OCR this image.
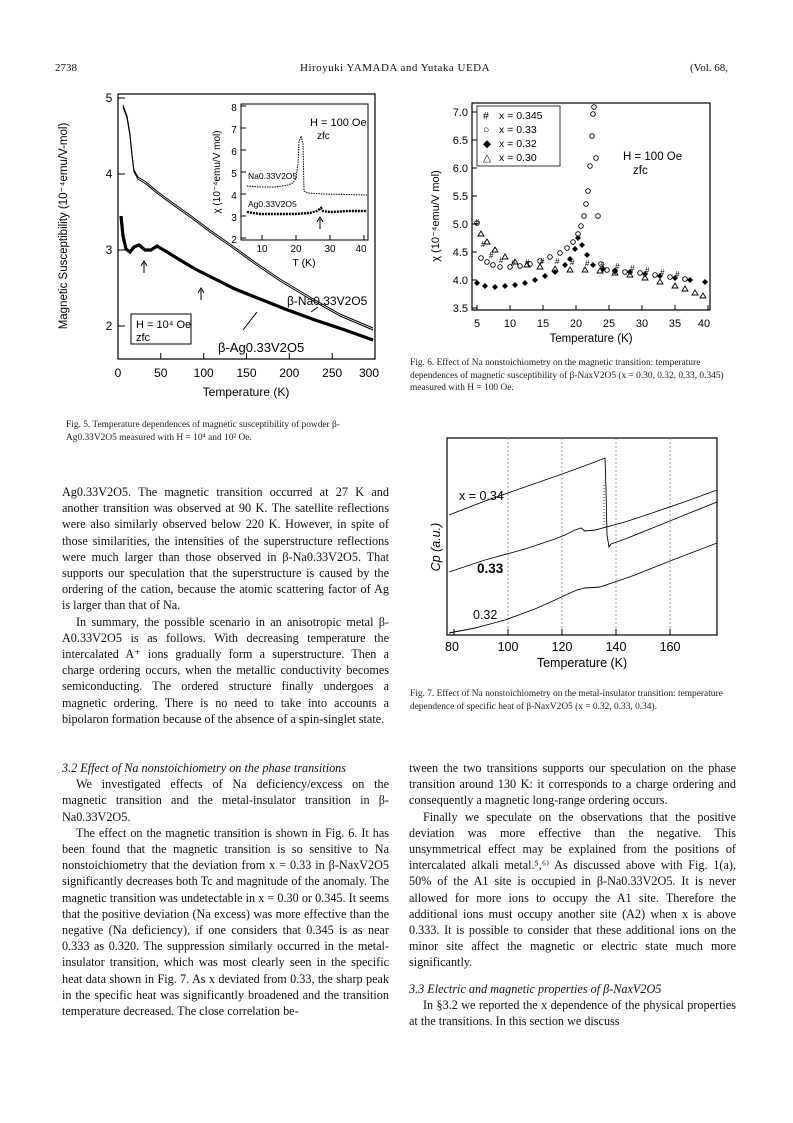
2738	Hiroyuki YAMADA and Yutaka UEDA	(Vol. 68,
0	50 100 150 200 250 300
2
3
4
5
Temperature (K)
Magnetic Susceptibility (10⁻⁴emu/V-mol)	β-Na0.33V2O5
β-Ag0.33V2O5
H = 10⁴ Oe
zfc
2
3
4
5
6
7
8
10 20 30 40
T (K)
χ (10⁻⁴emu/V mol)	Na0.33V2O5
Ag0.33V2O5
H = 100 Oe
zfc
Fig. 5. Temperature dependences of magnetic susceptibility of powder β-Ag0.33V2O5 measured with H = 10⁴ and 10² Oe.
5 10 15 20 25 30 35 40
3.5
4.0
4.5
5.0
5.5
6.0
6.5
7.0
Temperature (K)
χ (10⁻⁴emu/V mol)	#
#
#
# # # # # # # # # # # # #
# x = 0.345
○ x = 0.33
◆ x = 0.32
△ x = 0.30	H = 100 Oe
zfc
Fig. 6. Effect of Na nonstoichiometry on the magnetic transition: temperature dependences of magnetic susceptibility of β-NaxV2O5 (x = 0.30, 0.32, 0.33, 0.345) measured with H = 100 Oe.
80	100	120	140	160
Temperature (K)
Cp (a.u.)
x = 0.34
0.33
0.32
Fig. 7. Effect of Na nonstoichiometry on the metal-insulator transition: temperature dependence of specific heat of β-NaxV2O5 (x = 0.32, 0.33, 0.34).

Ag0.33V2O5. The magnetic transition occurred at 27 K and another transition was observed at 90 K. The satellite reflections were also similarly observed below 220 K. However, in spite of those similarities, the intensities of the superstructure reflections were much larger than those observed in β-Na0.33V2O5. That supports our speculation that the superstructure is caused by the ordering of the cation, because the atomic scattering factor of Ag is larger than that of Na.

In summary, the possible scenario in an anisotropic metal β-A0.33V2O5 is as follows. With decreasing temperature the intercalated A⁺ ions gradually form a superstructure. Then a charge ordering occurs, when the metallic conductivity becomes semiconducting. The ordered structure finally undergoes a magnetic ordering. There is no need to take into accounts a bipolaron formation because of the absence of a spin-singlet state.

3.2 Effect of Na nonstoichiometry on the phase transitions

We investigated effects of Na deficiency/excess on the magnetic transition and the metal-insulator transition in β-Na0.33V2O5.

The effect on the magnetic transition is shown in Fig. 6. It has been found that the magnetic transition is so sensitive to Na nonstoichiometry that the deviation from x = 0.33 in β-NaxV2O5 significantly decreases both Tc and magnitude of the anomaly. The magnetic transition was undetectable in x = 0.30 or 0.345. It seems that the positive deviation (Na excess) was more effective than the negative (Na deficiency), if one considers that 0.345 is as near 0.333 as 0.320. The suppression similarly occurred in the metal-insulator transition, which was most clearly seen in the specific heat data shown in Fig. 7. As x deviated from 0.33, the sharp peak in the specific heat was significantly broadened and the transition temperature decreased. The close correlation be-

tween the two transitions supports our speculation on the phase transition around 130 K: it corresponds to a charge ordering and consequently a magnetic long-range ordering occurs.

Finally we speculate on the observations that the positive deviation was more effective than the negative. This unsymmetrical effect may be explained from the positions of intercalated alkali metal.⁵,⁶⁾ As discussed above with Fig. 1(a), 50% of the A1 site is occupied in β-Na0.33V2O5. It is never allowed for more ions to occupy the A1 site. Therefore the additional ions must occupy another site (A2) when x is above 0.333. It is possible to consider that these additional ions on the minor site affect the magnetic or electric state much more significantly.

3.3 Electric and magnetic properties of β-NaxV2O5

In §3.2 we reported the x dependence of the physical properties at the transitions. In this section we discuss
